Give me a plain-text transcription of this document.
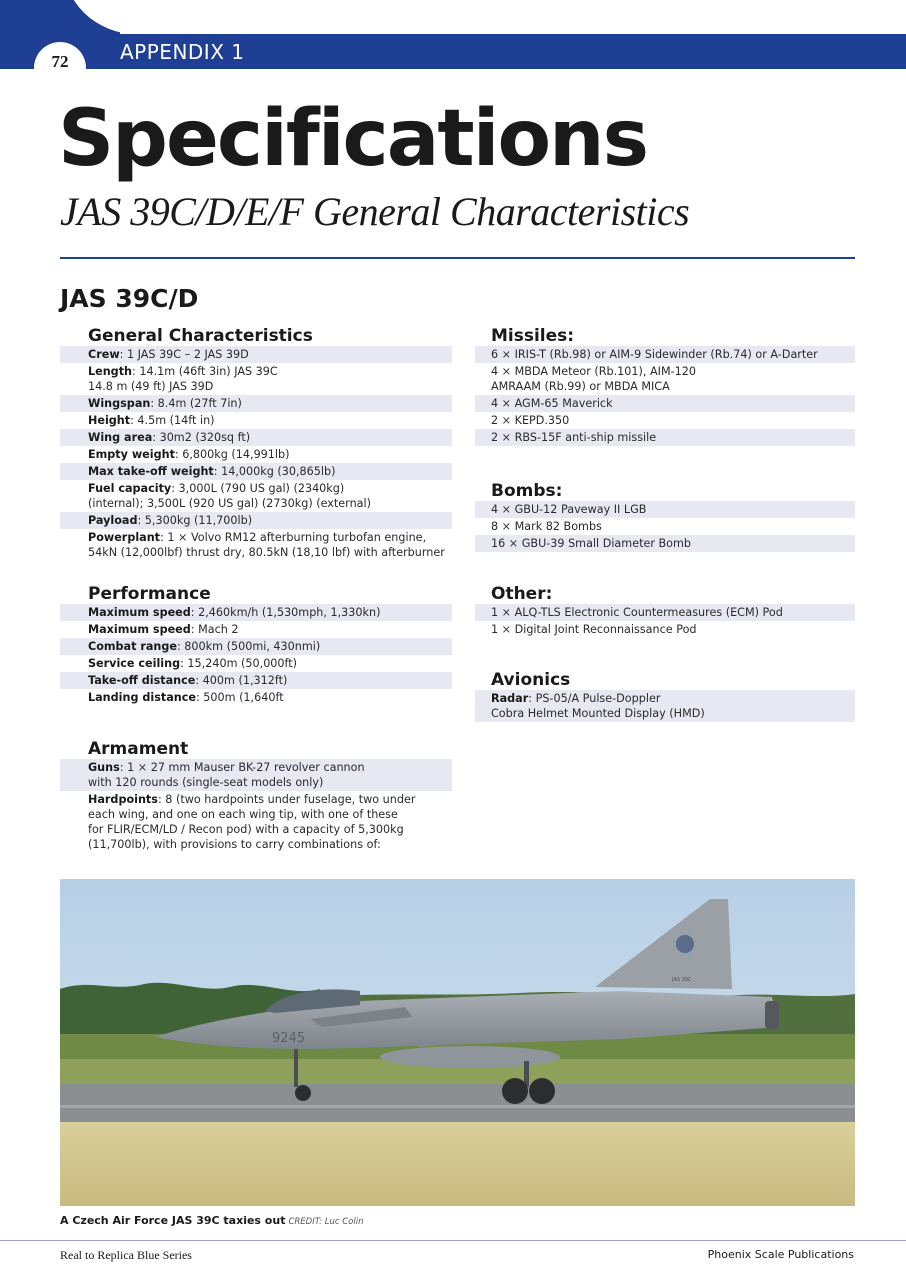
72	APPENDIX 1
Specifications
JAS 39C/D/E/F General Characteristics
JAS 39C/D
General Characteristics
Crew: 1 JAS 39C – 2 JAS 39D
Length: 14.1m (46ft 3in) JAS 39C
14.8 m (49 ft) JAS 39D
Wingspan: 8.4m (27ft 7in)
Height: 4.5m (14ft in)
Wing area: 30m2 (320sq ft)
Empty weight: 6,800kg (14,991lb)
Max take-off weight: 14,000kg (30,865lb)
Fuel capacity: 3,000L (790 US gal) (2340kg)
(internal); 3,500L (920 US gal) (2730kg) (external)
Payload: 5,300kg (11,700lb)
Powerplant: 1 × Volvo RM12 afterburning turbofan engine,
54kN (12,000lbf) thrust dry, 80.5kN (18,10 lbf) with afterburner
Performance
Maximum speed: 2,460km/h (1,530mph, 1,330kn)
Maximum speed: Mach 2
Combat range: 800km (500mi, 430nmi)
Service ceiling: 15,240m (50,000ft)
Take-off distance: 400m (1,312ft)
Landing distance: 500m (1,640ft
Armament
Guns: 1 × 27 mm Mauser BK-27 revolver cannon
with 120 rounds (single-seat models only)
Hardpoints: 8 (two hardpoints under fuselage, two under
each wing, and one on each wing tip, with one of these
for FLIR/ECM/LD / Recon pod) with a capacity of 5,300kg
(11,700lb), with provisions to carry combinations of:
Missiles:
6 × IRIS-T (Rb.98) or AIM-9 Sidewinder (Rb.74) or A-Darter
4 × MBDA Meteor (Rb.101), AIM-120
AMRAAM (Rb.99) or MBDA MICA
4 × AGM-65 Maverick
2 × KEPD.350
2 × RBS-15F anti-ship missile
Bombs:
4 × GBU-12 Paveway II LGB
8 × Mark 82 Bombs
16 × GBU-39 Small Diameter Bomb
Other:
1 × ALQ-TLS Electronic Countermeasures (ECM) Pod
1 × Digital Joint Reconnaissance Pod
Avionics
Radar: PS-05/A Pulse-Doppler
Cobra Helmet Mounted Display (HMD)
9245
JAS 39C
A Czech Air Force JAS 39C taxies out CREDIT: Luc Colin
Real to Replica Blue Series	Phoenix Scale Publications
